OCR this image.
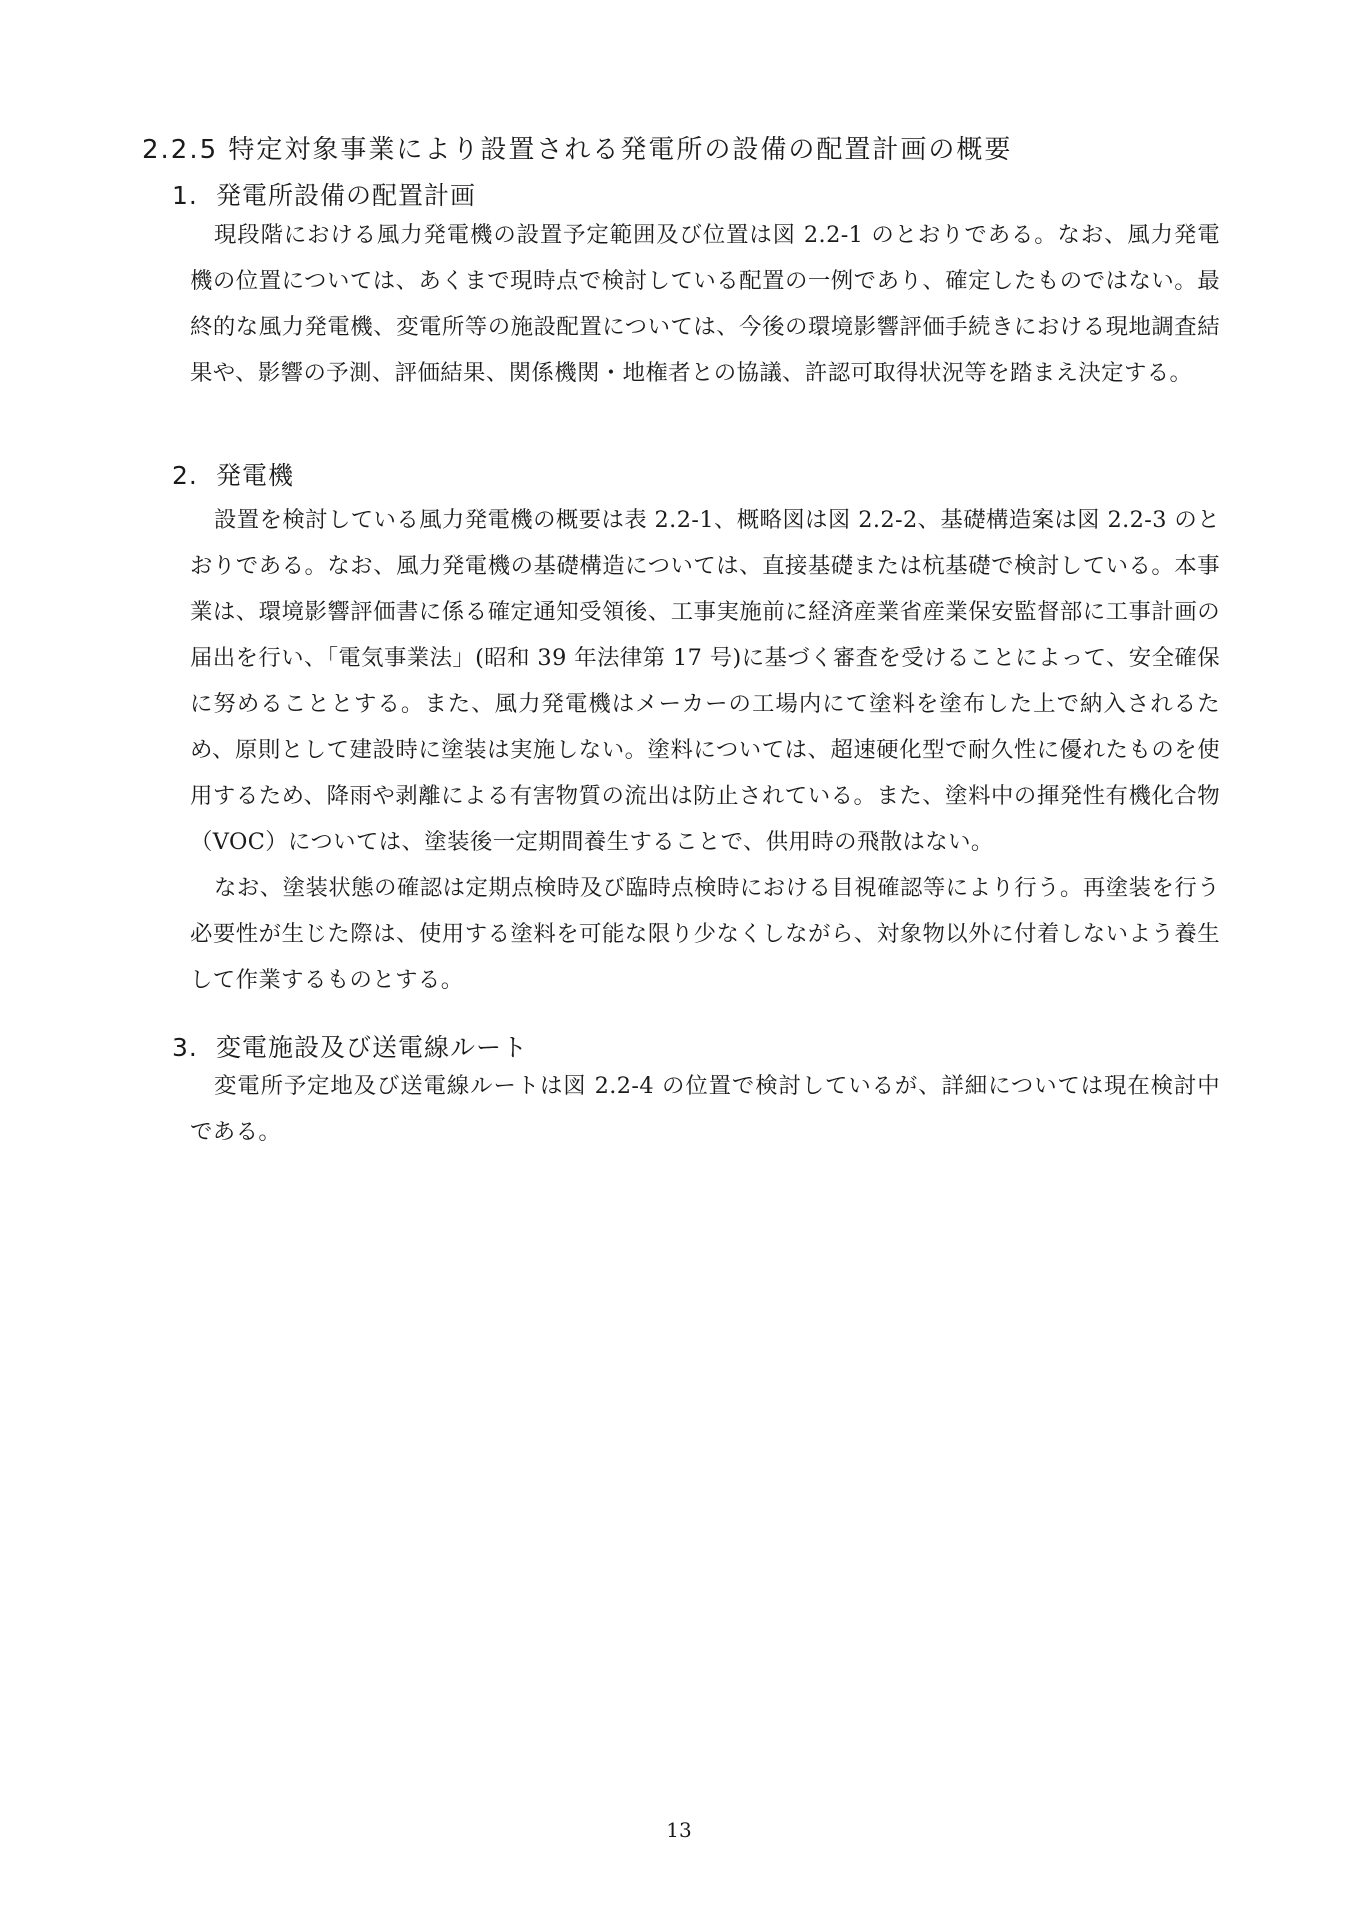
2.2.5 特定対象事業により設置される発電所の設備の配置計画の概要
1. 発電所設備の配置計画

現段階における風力発電機の設置予定範囲及び位置は図 2.2-1 のとおりである。なお、風力発電機の位置については、あくまで現時点で検討している配置の一例であり、確定したものではない。最終的な風力発電機、変電所等の施設配置については、今後の環境影響評価手続きにおける現地調査結果や、影響の予測、評価結果、関係機関・地権者との協議、許認可取得状況等を踏まえ決定する。

2. 発電機

設置を検討している風力発電機の概要は表 2.2-1、概略図は図 2.2-2、基礎構造案は図 2.2-3 のとおりである。なお、風力発電機の基礎構造については、直接基礎または杭基礎で検討している。本事業は、環境影響評価書に係る確定通知受領後、工事実施前に経済産業省産業保安監督部に工事計画の届出を行い、「電気事業法」(昭和 39 年法律第 17 号)に基づく審査を受けることによって、安全確保に努めることとする。また、風力発電機はメーカーの工場内にて塗料を塗布した上で納入されるため、原則として建設時に塗装は実施しない。塗料については、超速硬化型で耐久性に優れたものを使用するため、降雨や剥離による有害物質の流出は防止されている。また、塗料中の揮発性有機化合物（VOC）については、塗装後一定期間養生することで、供用時の飛散はない。

なお、塗装状態の確認は定期点検時及び臨時点検時における目視確認等により行う。再塗装を行う必要性が生じた際は、使用する塗料を可能な限り少なくしながら、対象物以外に付着しないよう養生して作業するものとする。

3. 変電施設及び送電線ルート

変電所予定地及び送電線ルートは図 2.2-4 の位置で検討しているが、詳細については現在検討中である。

13
